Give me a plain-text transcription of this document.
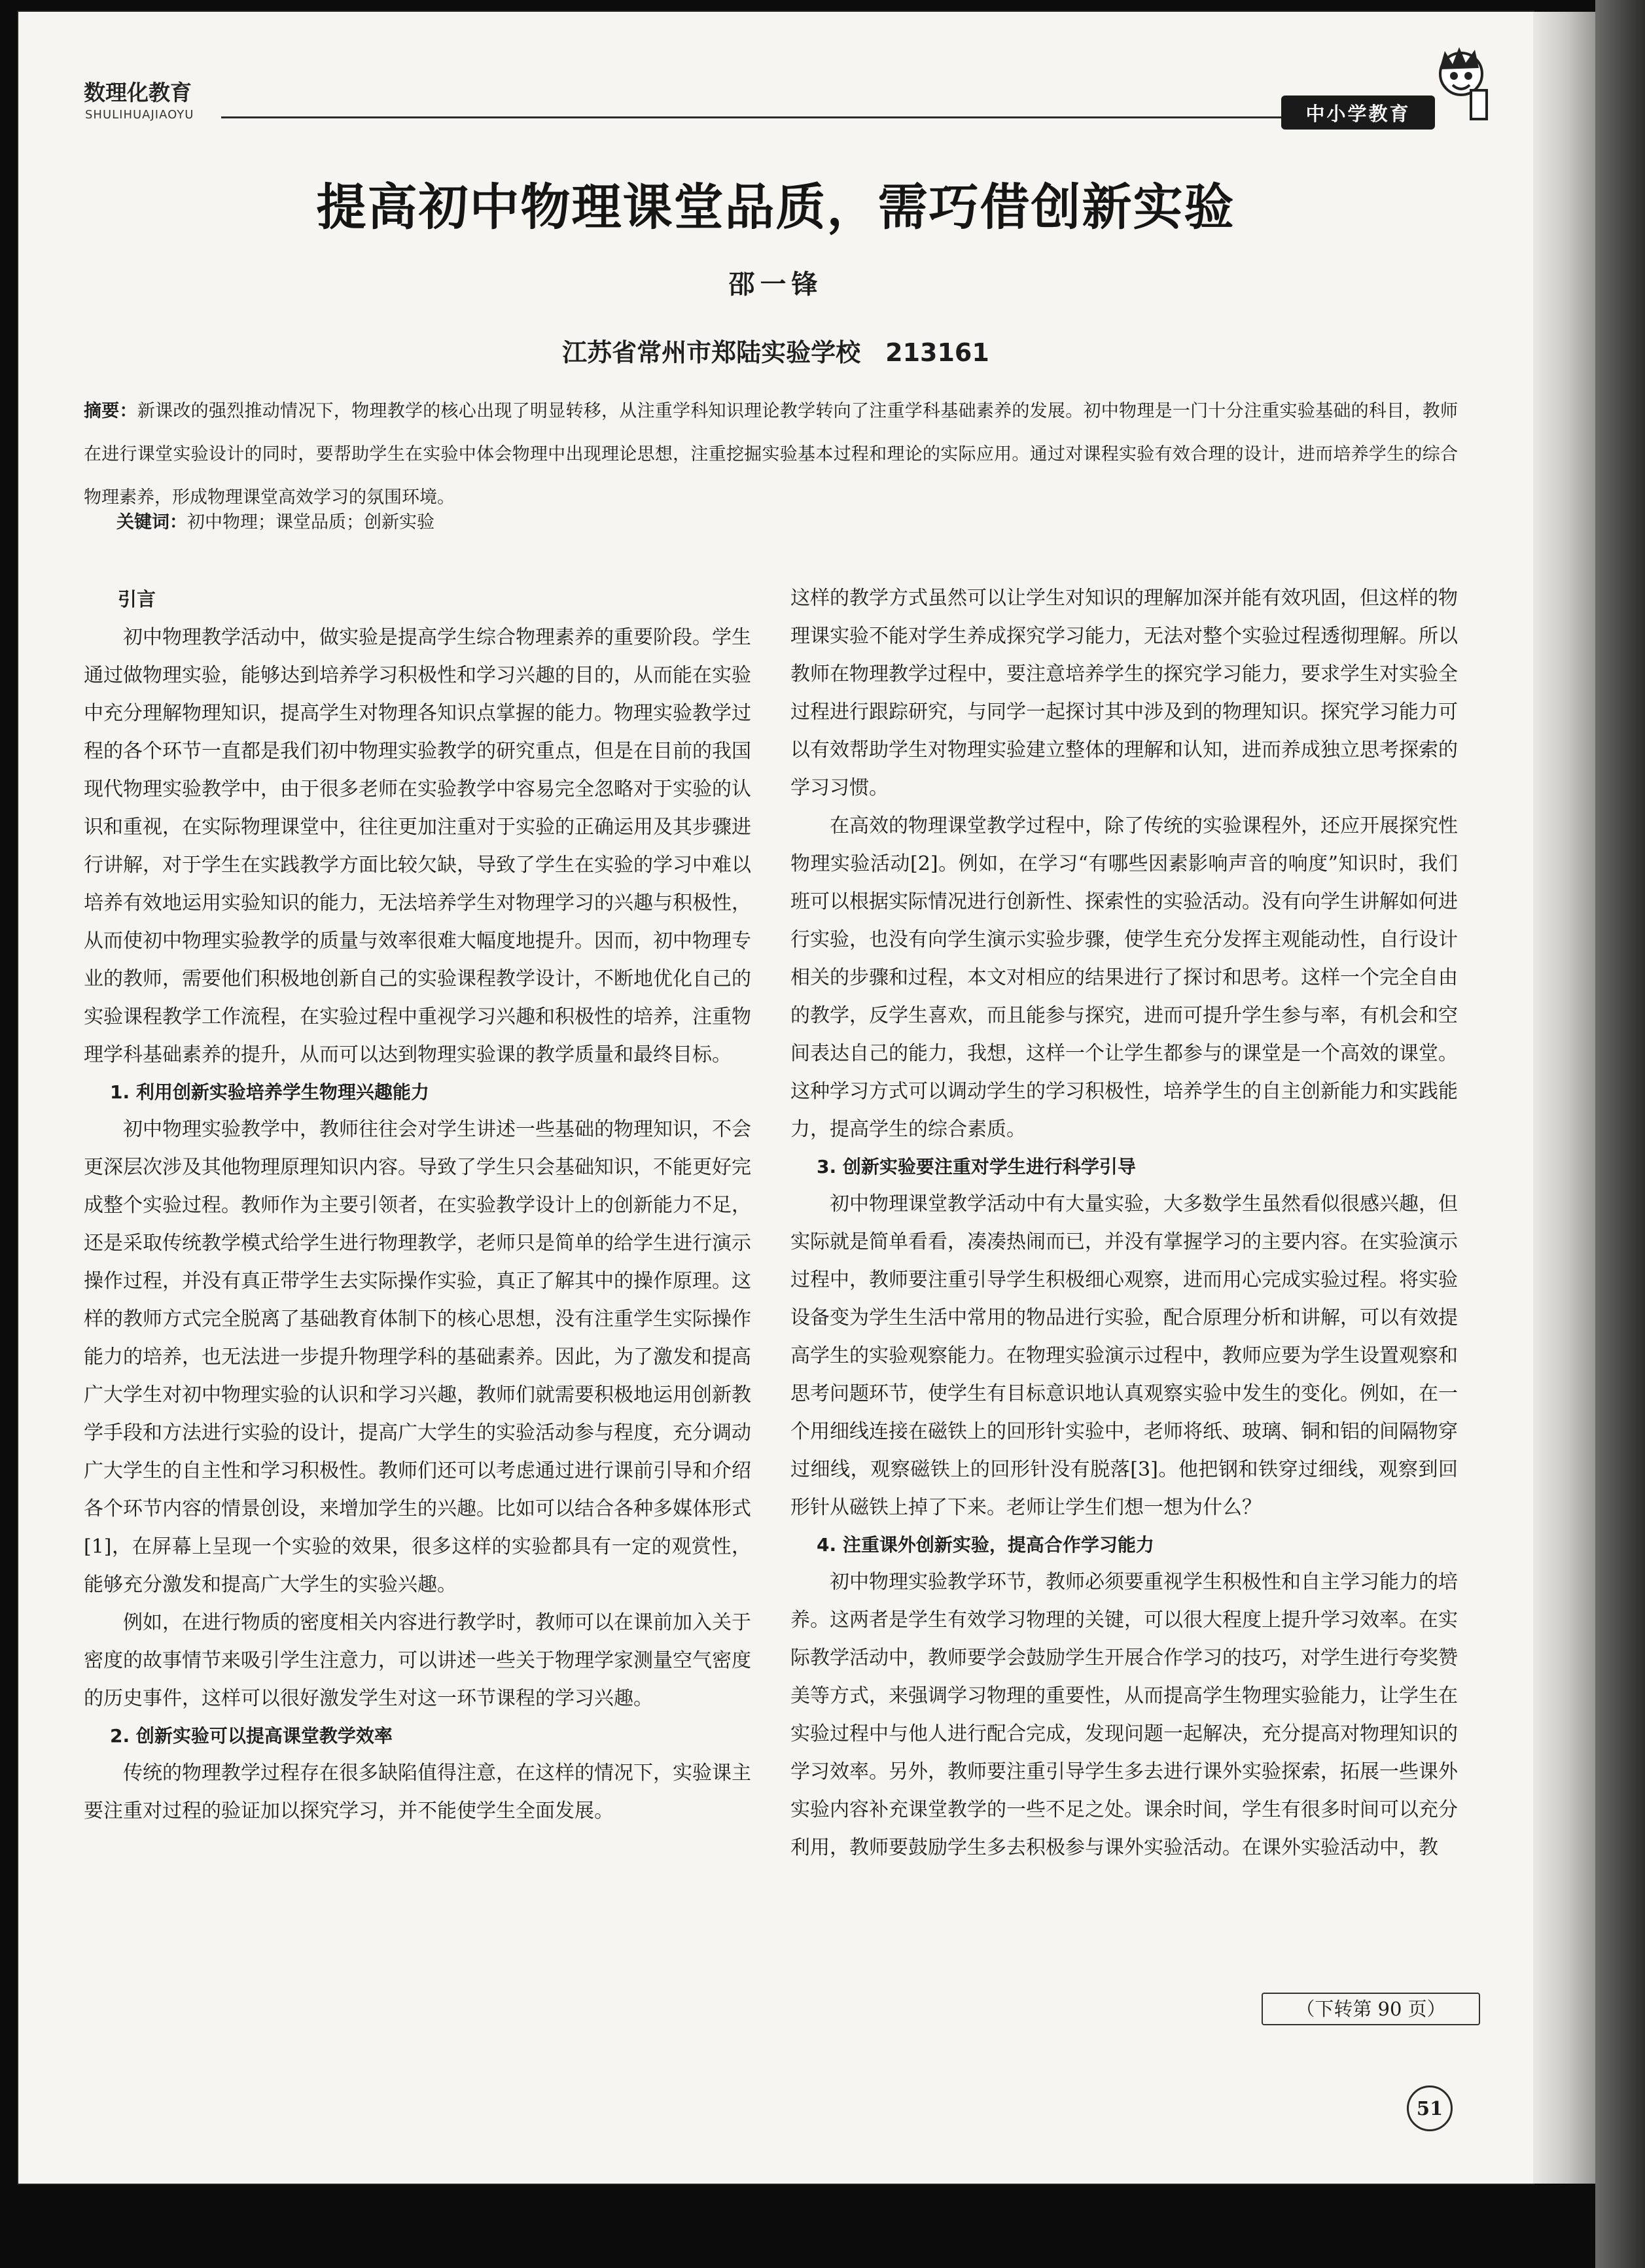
数理化教育
SHULIHUAJIAOYU	中小学教育
提高初中物理课堂品质，需巧借创新实验
邵一锋
江苏省常州市郑陆实验学校　213161
摘要：新课改的强烈推动情况下，物理教学的核心出现了明显转移，从注重学科知识理论教学转向了注重学科基础素养的发展。初中物理是一门十分注重实验基础的科目，教师在进行课堂实验设计的同时，要帮助学生在实验中体会物理中出现理论思想，注重挖掘实验基本过程和理论的实际应用。通过对课程实验有效合理的设计，进而培养学生的综合物理素养，形成物理课堂高效学习的氛围环境。
关键词：初中物理；课堂品质；创新实验
引言

初中物理教学活动中，做实验是提高学生综合物理素养的重要阶段。学生通过做物理实验，能够达到培养学习积极性和学习兴趣的目的，从而能在实验中充分理解物理知识，提高学生对物理各知识点掌握的能力。物理实验教学过程的各个环节一直都是我们初中物理实验教学的研究重点，但是在目前的我国现代物理实验教学中，由于很多老师在实验教学中容易完全忽略对于实验的认识和重视，在实际物理课堂中，往往更加注重对于实验的正确运用及其步骤进行讲解，对于学生在实践教学方面比较欠缺，导致了学生在实验的学习中难以培养有效地运用实验知识的能力，无法培养学生对物理学习的兴趣与积极性，从而使初中物理实验教学的质量与效率很难大幅度地提升。因而，初中物理专业的教师，需要他们积极地创新自己的实验课程教学设计，不断地优化自己的实验课程教学工作流程，在实验过程中重视学习兴趣和积极性的培养，注重物理学科基础素养的提升，从而可以达到物理实验课的教学质量和最终目标。

1. 利用创新实验培养学生物理兴趣能力

初中物理实验教学中，教师往往会对学生讲述一些基础的物理知识，不会更深层次涉及其他物理原理知识内容。导致了学生只会基础知识，不能更好完成整个实验过程。教师作为主要引领者，在实验教学设计上的创新能力不足，还是采取传统教学模式给学生进行物理教学，老师只是简单的给学生进行演示操作过程，并没有真正带学生去实际操作实验，真正了解其中的操作原理。这样的教师方式完全脱离了基础教育体制下的核心思想，没有注重学生实际操作能力的培养，也无法进一步提升物理学科的基础素养。因此，为了激发和提高广大学生对初中物理实验的认识和学习兴趣，教师们就需要积极地运用创新教学手段和方法进行实验的设计，提高广大学生的实验活动参与程度，充分调动广大学生的自主性和学习积极性。教师们还可以考虑通过进行课前引导和介绍各个环节内容的情景创设，来增加学生的兴趣。比如可以结合各种多媒体形式[1]，在屏幕上呈现一个实验的效果，很多这样的实验都具有一定的观赏性，能够充分激发和提高广大学生的实验兴趣。

例如，在进行物质的密度相关内容进行教学时，教师可以在课前加入关于密度的故事情节来吸引学生注意力，可以讲述一些关于物理学家测量空气密度的历史事件，这样可以很好激发学生对这一环节课程的学习兴趣。

2. 创新实验可以提高课堂教学效率

传统的物理教学过程存在很多缺陷值得注意，在这样的情况下，实验课主要注重对过程的验证加以探究学习，并不能使学生全面发展。

这样的教学方式虽然可以让学生对知识的理解加深并能有效巩固，但这样的物理课实验不能对学生养成探究学习能力，无法对整个实验过程透彻理解。所以教师在物理教学过程中，要注意培养学生的探究学习能力，要求学生对实验全过程进行跟踪研究，与同学一起探讨其中涉及到的物理知识。探究学习能力可以有效帮助学生对物理实验建立整体的理解和认知，进而养成独立思考探索的学习习惯。

在高效的物理课堂教学过程中，除了传统的实验课程外，还应开展探究性物理实验活动[2]。例如，在学习“有哪些因素影响声音的响度”知识时，我们班可以根据实际情况进行创新性、探索性的实验活动。没有向学生讲解如何进行实验，也没有向学生演示实验步骤，使学生充分发挥主观能动性，自行设计相关的步骤和过程，本文对相应的结果进行了探讨和思考。这样一个完全自由的教学，反学生喜欢，而且能参与探究，进而可提升学生参与率，有机会和空间表达自己的能力，我想，这样一个让学生都参与的课堂是一个高效的课堂。这种学习方式可以调动学生的学习积极性，培养学生的自主创新能力和实践能力，提高学生的综合素质。

3. 创新实验要注重对学生进行科学引导

初中物理课堂教学活动中有大量实验，大多数学生虽然看似很感兴趣，但实际就是简单看看，凑凑热闹而已，并没有掌握学习的主要内容。在实验演示过程中，教师要注重引导学生积极细心观察，进而用心完成实验过程。将实验设备变为学生生活中常用的物品进行实验，配合原理分析和讲解，可以有效提高学生的实验观察能力。在物理实验演示过程中，教师应要为学生设置观察和思考问题环节，使学生有目标意识地认真观察实验中发生的变化。例如，在一个用细线连接在磁铁上的回形针实验中，老师将纸、玻璃、铜和铝的间隔物穿过细线，观察磁铁上的回形针没有脱落[3]。他把钢和铁穿过细线，观察到回形针从磁铁上掉了下来。老师让学生们想一想为什么？

4. 注重课外创新实验，提高合作学习能力

初中物理实验教学环节，教师必须要重视学生积极性和自主学习能力的培养。这两者是学生有效学习物理的关键，可以很大程度上提升学习效率。在实际教学活动中，教师要学会鼓励学生开展合作学习的技巧，对学生进行夸奖赞美等方式，来强调学习物理的重要性，从而提高学生物理实验能力，让学生在实验过程中与他人进行配合完成，发现问题一起解决，充分提高对物理知识的学习效率。另外，教师要注重引导学生多去进行课外实验探索，拓展一些课外实验内容补充课堂教学的一些不足之处。课余时间，学生有很多时间可以充分利用，教师要鼓励学生多去积极参与课外实验活动。在课外实验活动中，教

（下转第 90 页）
51
